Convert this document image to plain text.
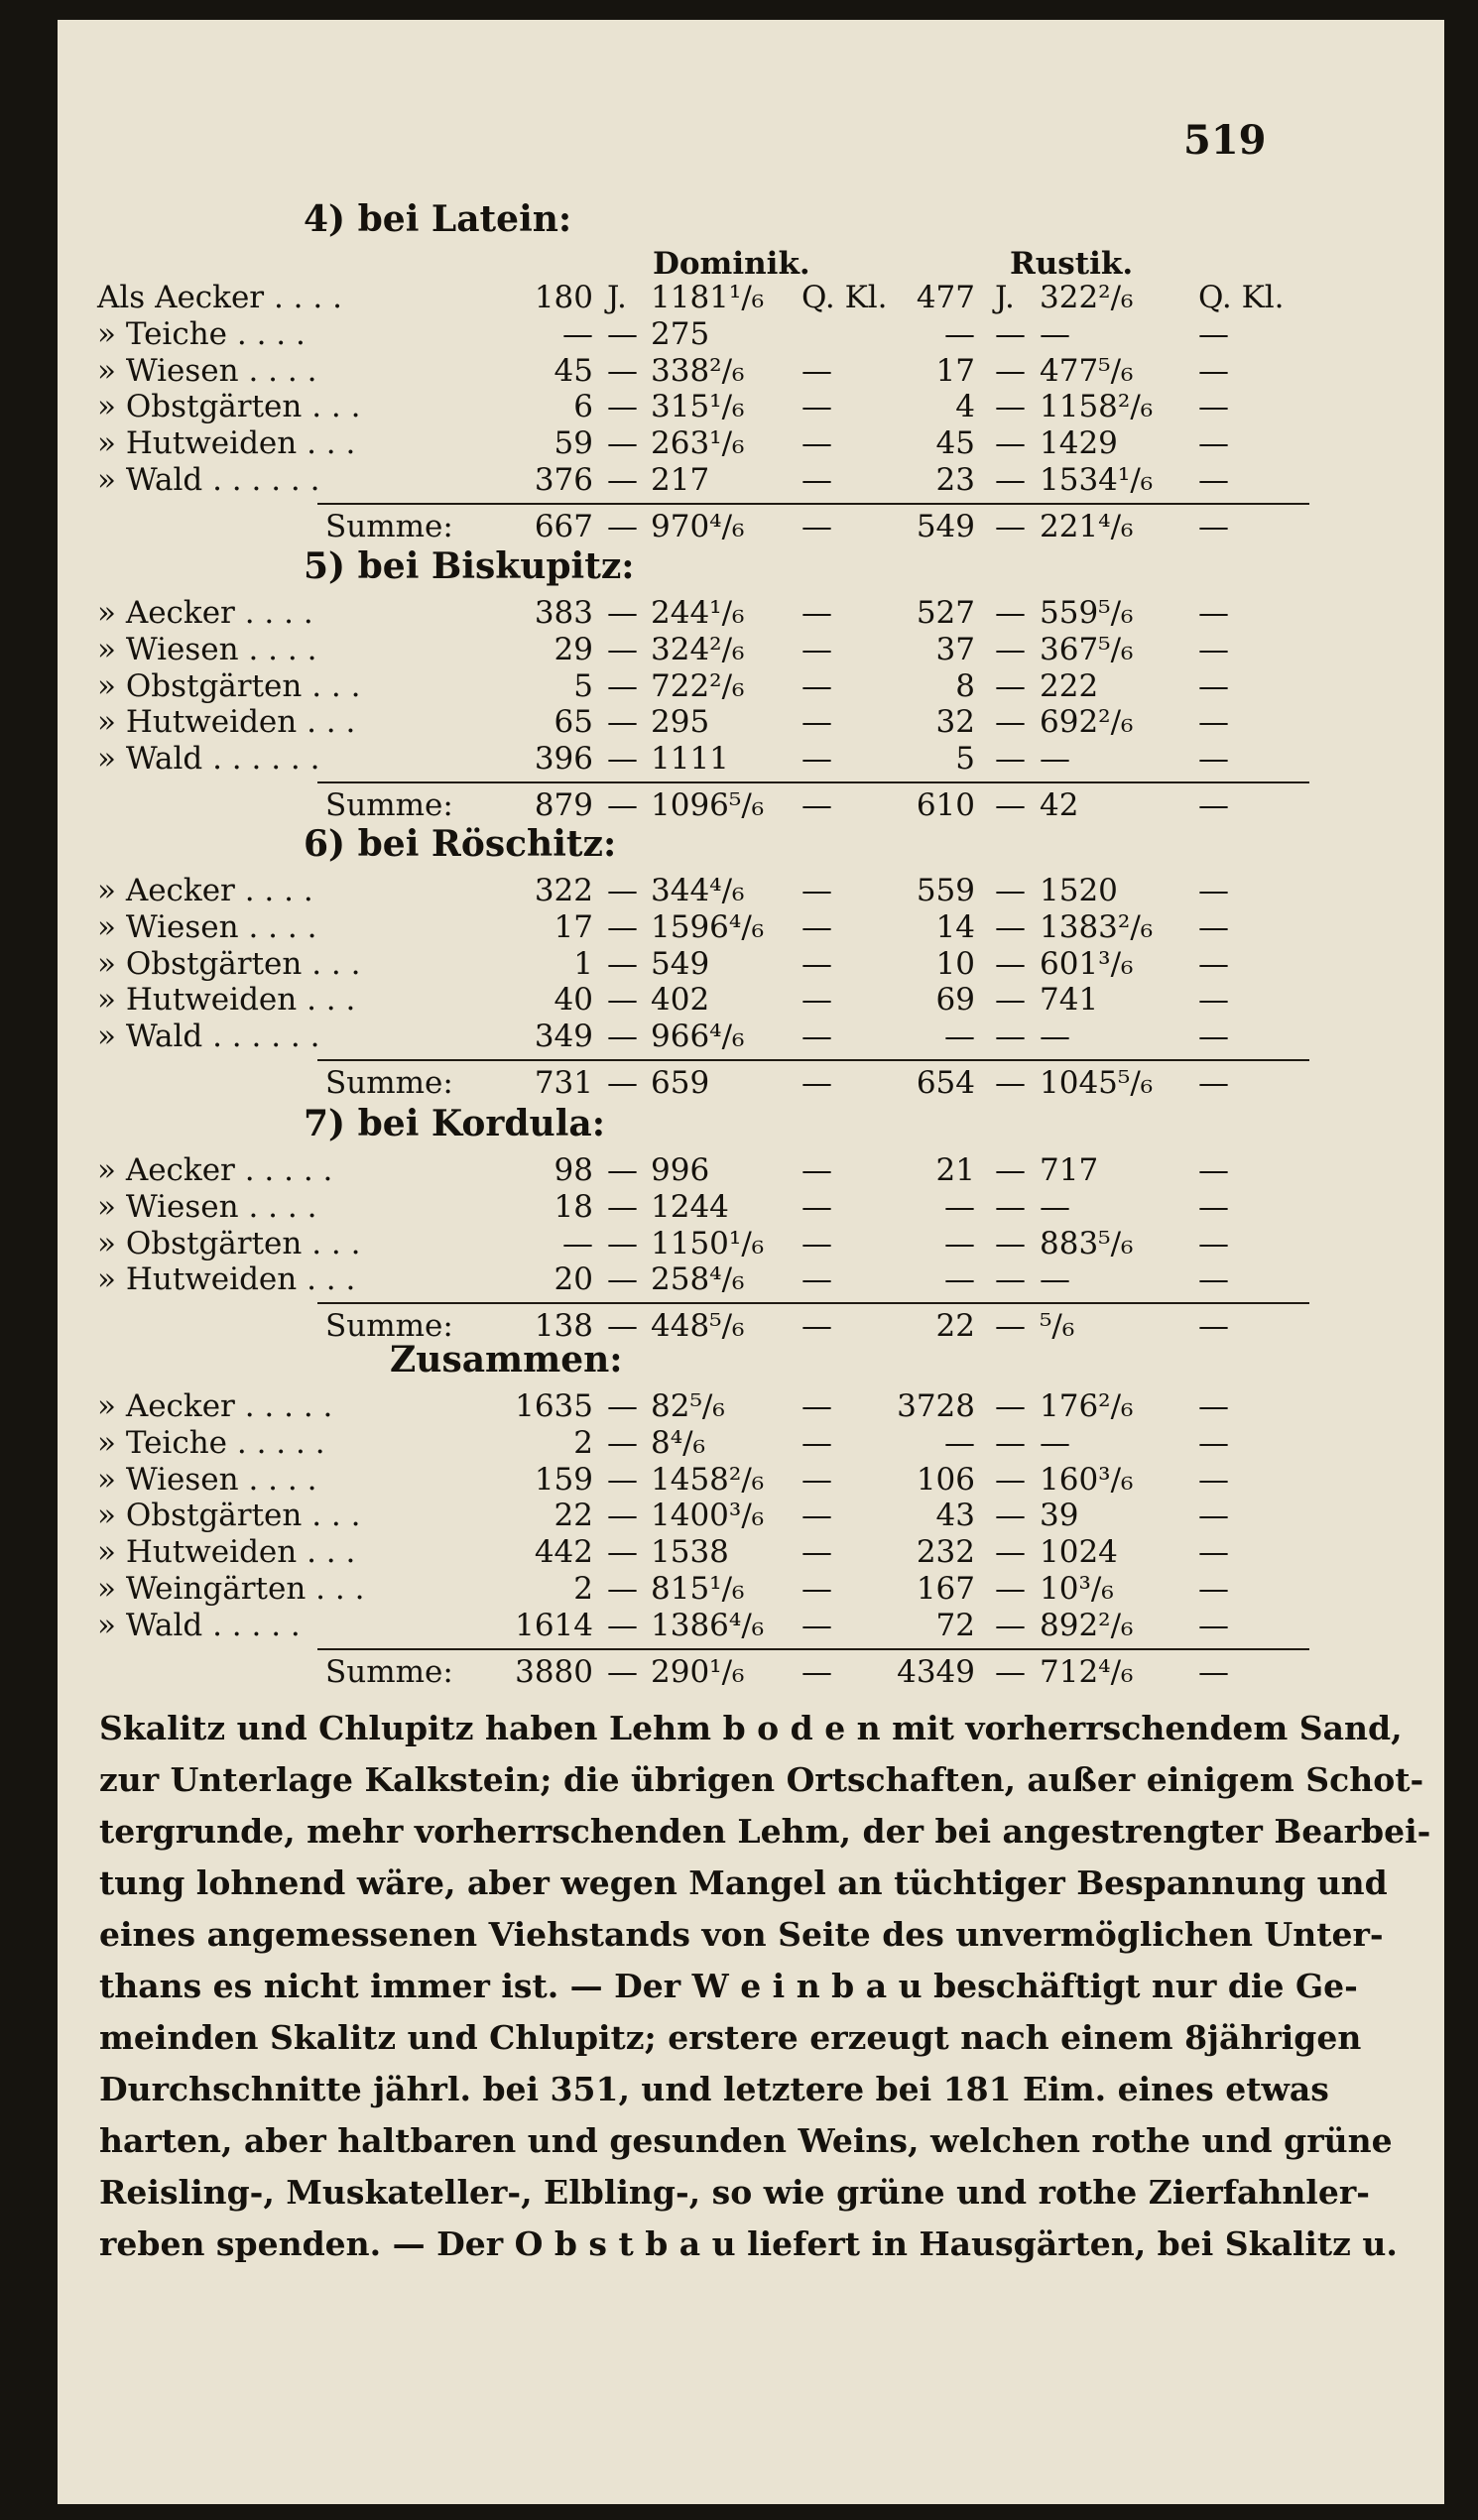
519
Dominik.	Rustik.
4) bei Latein:
Als Aecker . . . .	180 J. 1181¹/₆ Q. Kl. 477 J. 322²/₆ Q. Kl.
» Teiche . . . .	— — 275	— — —	—
» Wiesen . . . .	45 — 338²/₆ —	17 — 477⁵/₆ —
» Obstgärten . . .	6 — 315¹/₆ —	4 — 1158²/₆ —
» Hutweiden . . .	59 — 263¹/₆ —	45 — 1429	—
» Wald . . . . . .	376 — 217	—	23 — 1534¹/₆ —
Summe:	667 — 970⁴/₆ —	549 — 221⁴/₆ —
5) bei Biskupitz:
» Aecker . . . .	383 — 244¹/₆ —	527 — 559⁵/₆ —
» Wiesen . . . .	29 — 324²/₆ —	37 — 367⁵/₆ —
» Obstgärten . . .	5 — 722²/₆ —	8 — 222	—
» Hutweiden . . .	65 — 295	—	32 — 692²/₆ —
» Wald . . . . . .	396 — 1111 —	5 — —	—
Summe:	879 — 1096⁵/₆ —	610 — 42	—
6) bei Röschitz:
» Aecker . . . .	322 — 344⁴/₆ —	559 — 1520	—
» Wiesen . . . .	17 — 1596⁴/₆ —	14 — 1383²/₆ —
» Obstgärten . . .	1 — 549	—	10 — 601³/₆ —
» Hutweiden . . .	40 — 402	—	69 — 741	—
» Wald . . . . . .	349 — 966⁴/₆ —	— — —	—
Summe:	731 — 659	—	654 — 1045⁵/₆ —
7) bei Kordula:
» Aecker . . . . .	98 — 996	—	21 — 717	—
» Wiesen . . . .	18 — 1244 —	— — —	—
» Obstgärten . . .	— — 1150¹/₆ —	— — 883⁵/₆ —
» Hutweiden . . .	20 — 258⁴/₆ —	— — —	—
Summe:	138 — 448⁵/₆ —	22 — ⁵/₆	—
Zusammen:
» Aecker . . . . .	1635 — 82⁵/₆ —	3728 — 176²/₆ —
» Teiche . . . . .	2 — 8⁴/₆	—	— — —	—
» Wiesen . . . .	159 — 1458²/₆ —	106 — 160³/₆ —
» Obstgärten . . .	22 — 1400³/₆ —	43 — 39	—
» Hutweiden . . .	442 — 1538 —	232 — 1024	—
» Weingärten . . .	2 — 815¹/₆ —	167 — 10³/₆	—
» Wald . . . . .	1614 — 1386⁴/₆ —	72 — 892²/₆ —
Summe:	3880 — 290¹/₆ —	4349 — 712⁴/₆ —
Skalitz und Chlupitz haben Lehm b o d e n mit vorherrschendem Sand,
zur Unterlage Kalkstein; die übrigen Ortschaften, außer einigem Schot-
tergrunde, mehr vorherrschenden Lehm, der bei angestrengter Bearbei-
tung lohnend wäre, aber wegen Mangel an tüchtiger Bespannung und
eines angemessenen Viehstands von Seite des unvermöglichen Unter-
thans es nicht immer ist. — Der W e i n b a u beschäftigt nur die Ge-
meinden Skalitz und Chlupitz; erstere erzeugt nach einem 8jährigen
Durchschnitte jährl. bei 351, und letztere bei 181 Eim. eines etwas
harten, aber haltbaren und gesunden Weins, welchen rothe und grüne
Reisling-, Muskateller-, Elbling-, so wie grüne und rothe Zierfahnler-
reben spenden. — Der O b s t b a u liefert in Hausgärten, bei Skalitz u.
